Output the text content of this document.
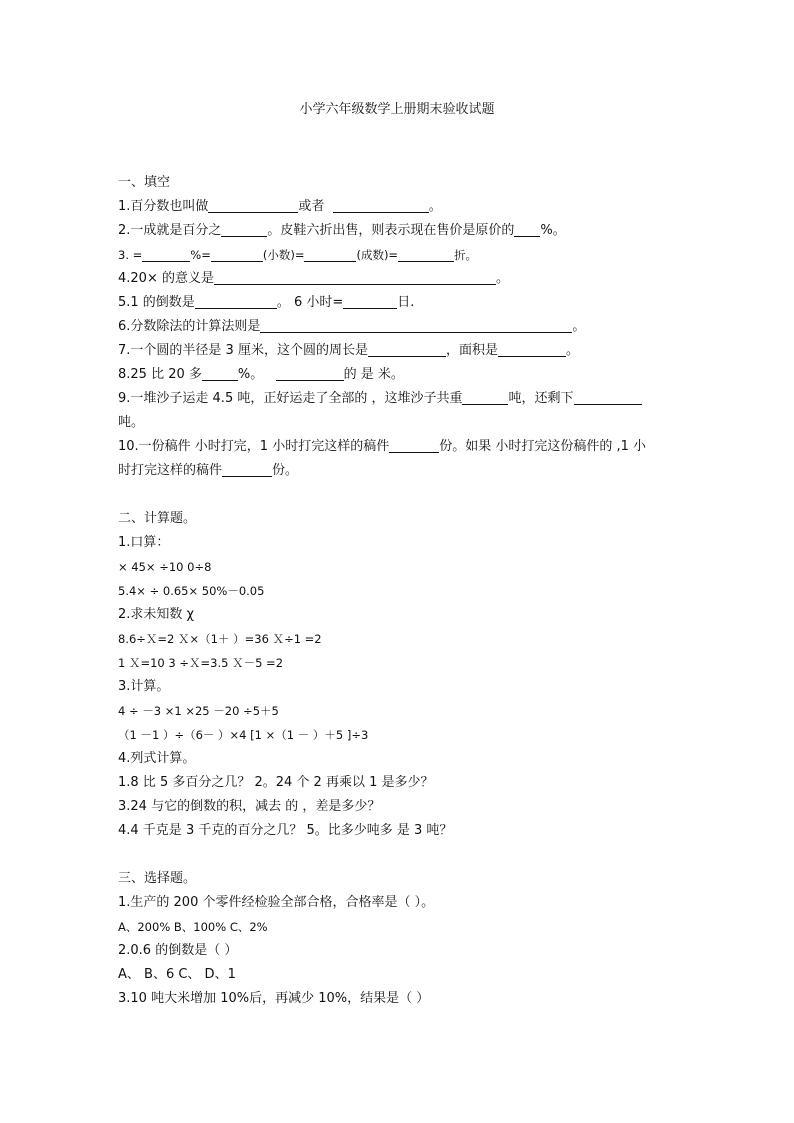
小学六年级数学上册期末验收试题
一、填空
1.百分数也叫做	或者	。
2.一成就是百分之	。皮鞋六折出售，则表示现在售价是原价的 %。
3. =	%=	(小数)=	(成数)=	折。
4.20× 的意义是	。
5.1 的倒数是	。 6 小时=	日.
6.分数除法的计算法则是	。
7.一个圆的半径是 3 厘米，这个圆的周长是	，面积是	。
8.25 比 20 多	%。	的 是 米。
9.一堆沙子运走 4.5 吨，正好运走了全部的 ，这堆沙子共重	吨，还剩下
吨。
10.一份稿件 小时打完，1 小时打完这样的稿件	份。如果 小时打完这份稿件的 ,1 小
时打完这样的稿件	份。
二、计算题。
1.口算：
× 45× ÷10 0÷8
5.4× ÷ 0.65× 50%－0.05
2.求未知数 χ
8.6÷Ｘ=2 Ｘ×（1＋ ）=36 Ｘ÷1 =2
1 Ｘ=10 3 ÷Ｘ=3.5 Ｘ－5 =2
3.计算。
4 ÷ －3 ×1 ×25 －20 ÷5＋5
（1 －1 ）÷（6－ ）×4 [1 ×（1 － ）＋5 ]÷3
4.列式计算。
1.8 比 5 多百分之几？ 2。24 个 2 再乘以 1 是多少？
3.24 与它的倒数的积，减去 的 ，差是多少？
4.4 千克是 3 千克的百分之几？ 5。比多少吨多 是 3 吨？
三、选择题。
1.生产的 200 个零件经检验全部合格，合格率是（ ）。
A、200% B、100% C、2%
2.0.6 的倒数是（ ）
A、 B、6 C、 D、1
3.10 吨大米增加 10%后，再减少 10%，结果是（ ）
